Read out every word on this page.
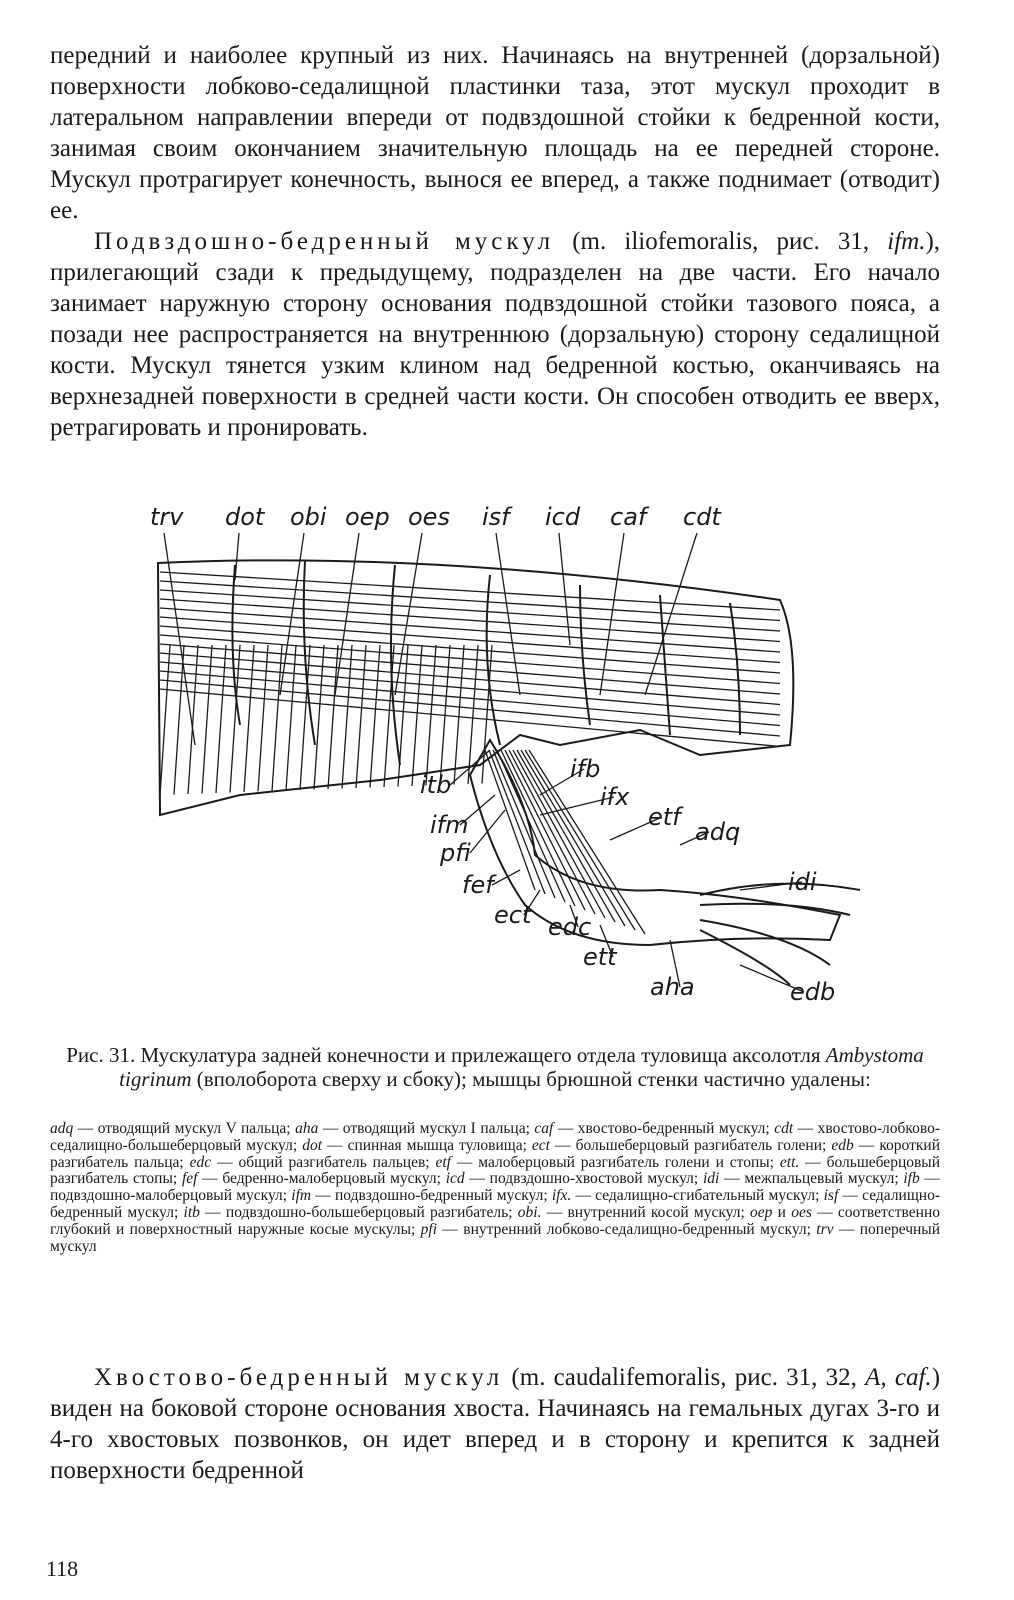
передний и наиболее крупный из них. Начинаясь на внутренней (дорзальной) поверхности лобково-седалищной пластинки таза, этот мускул проходит в латеральном направлении впереди от подвздошной стойки к бедренной кости, занимая своим окончанием значительную площадь на ее передней стороне. Мускул протрагирует конечность, вынося ее вперед, а также поднимает (отводит) ее.

Подвздошно-бедренный мускул (m. iliofemoralis, рис. 31, ifm.), прилегающий сзади к предыдущему, подразделен на две части. Его начало занимает наружную сторону основания подвздошной стойки тазового пояса, а позади нее распространяется на внутреннюю (дорзальную) сторону седалищной кости. Мускул тянется узким клином над бедренной костью, оканчиваясь на верхнезадней поверхности в средней части кости. Он способен отводить ее вверх, ретрагировать и пронировать.

trv dot obi oep oes isf icd caf cdt
itb
ifm
pfi
fef
ect edc
ett
aha
ifb
ifx
etf
adq
idi
edb
Рис. 31. Мускулатура задней конечности и прилежащего отдела туловища аксолотля Ambystoma tigrinum (вполоборота сверху и сбоку); мышцы брюшной стенки частично удалены:
adq — отводящий мускул V пальца; aha — отводящий мускул I пальца; caf — хвостово-бедренный мускул; cdt — хвостово-лобково-седалищно-большеберцовый мускул; dot — спинная мышца туловища; ect — большеберцовый разгибатель голени; edb — короткий разгибатель пальца; edc — общий разгибатель пальцев; etf — малоберцовый разгибатель голени и стопы; ett. — большеберцовый разгибатель стопы; fef — бедренно-малоберцовый мускул; icd — подвздошно-хвостовой мускул; idi — межпальцевый мускул; ifb — подвздошно-малоберцовый мускул; ifm — подвздошно-бедренный мускул; ifx. — седалищно-сгибательный мускул; isf — седалищно-бедренный мускул; itb — подвздошно-большеберцовый разгибатель; obi. — внутренний косой мускул; oep и oes — соответственно глубокий и поверхностный наружные косые мускулы; pfi — внутренний лобково-седалищно-бедренный мускул; trv — поперечный мускул

Хвостово-бедренный мускул (m. caudalifemoralis, рис. 31, 32, A, caf.) виден на боковой стороне основания хвоста. Начинаясь на гемальных дугах 3-го и 4-го хвостовых позвонков, он идет вперед и в сторону и крепится к задней поверхности бедренной

118
